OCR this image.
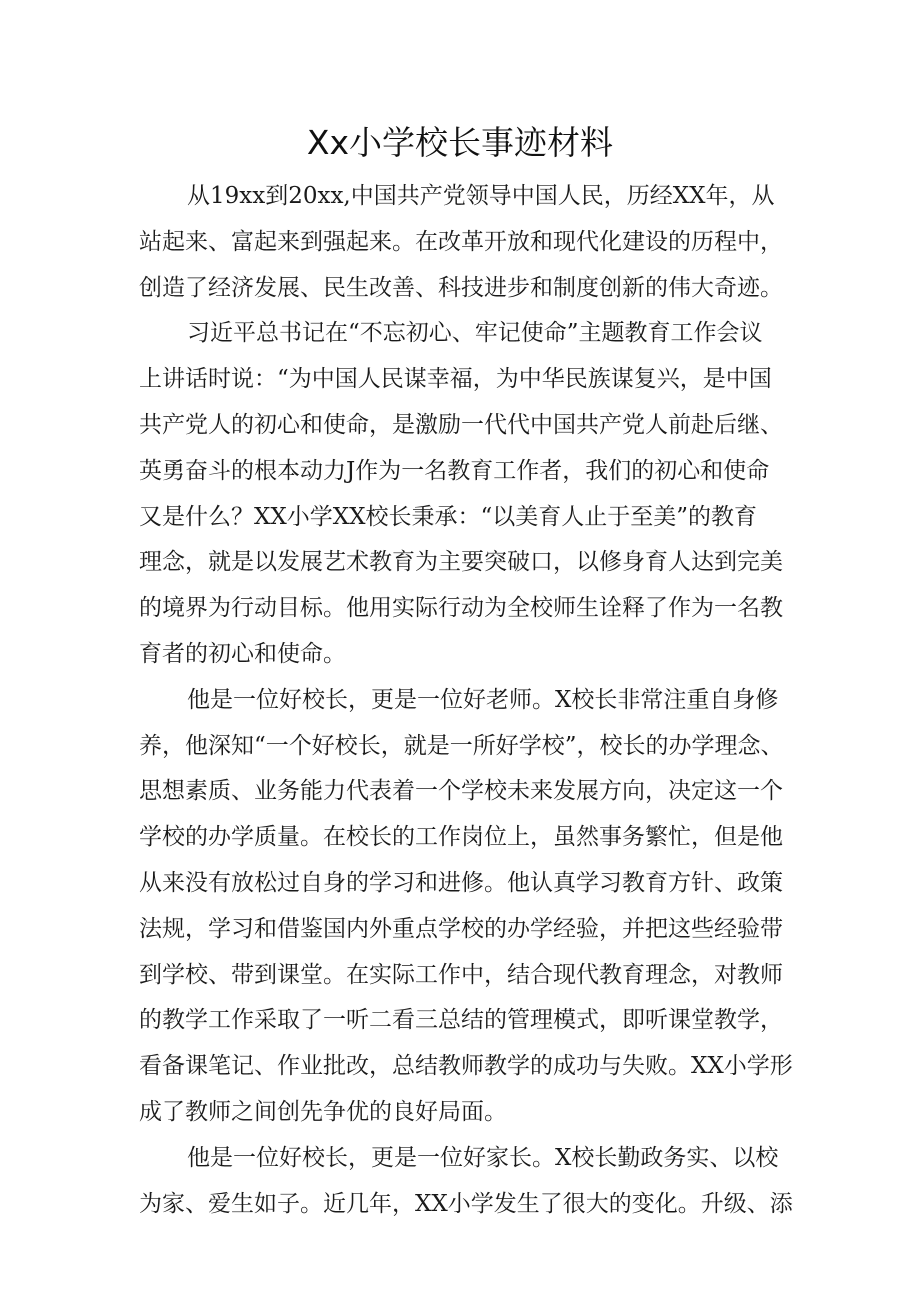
Xx小学校长事迹材料
从19xx到20xx,中国共产党领导中国人民，历经XX年，从
站起来、富起来到强起来。在改革开放和现代化建设的历程中，
创造了经济发展、民生改善、科技进步和制度创新的伟大奇迹。
习近平总书记在“不忘初心、牢记使命”主题教育工作会议
上讲话时说：“为中国人民谋幸福，为中华民族谋复兴，是中国
共产党人的初心和使命，是激励一代代中国共产党人前赴后继、
英勇奋斗的根本动力J作为一名教育工作者，我们的初心和使命
又是什么？XX小学XX校长秉承：“以美育人止于至美”的教育
理念，就是以发展艺术教育为主要突破口，以修身育人达到完美
的境界为行动目标。他用实际行动为全校师生诠释了作为一名教
育者的初心和使命。
他是一位好校长，更是一位好老师。X校长非常注重自身修
养，他深知“一个好校长，就是一所好学校”，校长的办学理念、
思想素质、业务能力代表着一个学校未来发展方向，决定这一个
学校的办学质量。在校长的工作岗位上，虽然事务繁忙，但是他
从来没有放松过自身的学习和进修。他认真学习教育方针、政策
法规，学习和借鉴国内外重点学校的办学经验，并把这些经验带
到学校、带到课堂。在实际工作中，结合现代教育理念，对教师
的教学工作采取了一听二看三总结的管理模式，即听课堂教学，
看备课笔记、作业批改，总结教师教学的成功与失败。XX小学形
成了教师之间创先争优的良好局面。
他是一位好校长，更是一位好家长。X校长勤政务实、以校
为家、爱生如子。近几年，XX小学发生了很大的变化。升级、添
